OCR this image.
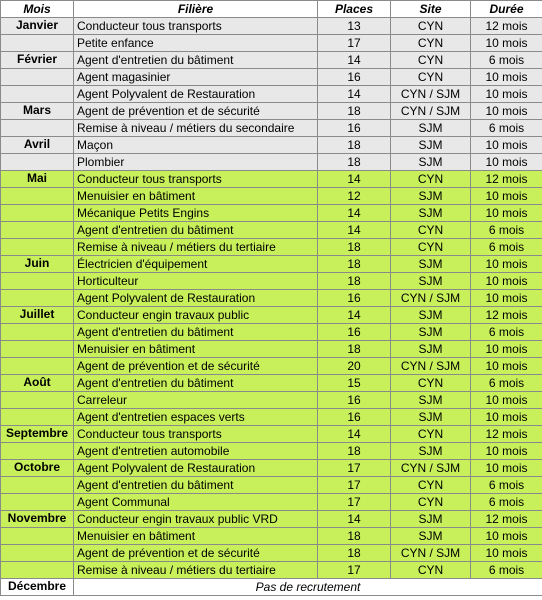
Mois	Filière	Places	Site	Durée
Janvier	Conducteur tous transports	13	CYN	12 mois
	Petite enfance	17	CYN	10 mois
Février	Agent d'entretien du bâtiment	14	CYN	6 mois
	Agent magasinier	16	CYN	10 mois
	Agent Polyvalent de Restauration	14	CYN / SJM	10 mois
Mars	Agent de prévention et de sécurité	18	CYN / SJM	10 mois
	Remise à niveau / métiers du secondaire	16	SJM	6 mois
Avril	Maçon	18	SJM	10 mois
	Plombier	18	SJM	10 mois
Mai	Conducteur tous transports	14	CYN	12 mois
	Menuisier en bâtiment	12	SJM	10 mois
	Mécanique Petits Engins	14	SJM	10 mois
	Agent d'entretien du bâtiment	14	CYN	6 mois
	Remise à niveau / métiers du tertiaire	18	CYN	6 mois
Juin	Électricien d'équipement	18	SJM	10 mois
	Horticulteur	18	SJM	10 mois
	Agent Polyvalent de Restauration	16	CYN / SJM	10 mois
Juillet	Conducteur engin travaux public	14	SJM	12 mois
	Agent d'entretien du bâtiment	16	SJM	6 mois
	Menuisier en bâtiment	18	SJM	10 mois
	Agent de prévention et de sécurité	20	CYN / SJM	10 mois
Août	Agent d'entretien du bâtiment	15	CYN	6 mois
	Carreleur	16	SJM	10 mois
	Agent d'entretien espaces verts	16	SJM	10 mois
Septembre	Conducteur tous transports	14	CYN	12 mois
	Agent d'entretien automobile	18	SJM	10 mois
Octobre	Agent Polyvalent de Restauration	17	CYN / SJM	10 mois
	Agent d'entretien du bâtiment	17	CYN	6 mois
	Agent Communal	17	CYN	6 mois
Novembre	Conducteur engin travaux public VRD	14	SJM	12 mois
	Menuisier en bâtiment	18	SJM	10 mois
	Agent de prévention et de sécurité	18	CYN / SJM	10 mois
	Remise à niveau / métiers du tertiaire	17	CYN	6 mois
Décembre	Pas de recrutement			
